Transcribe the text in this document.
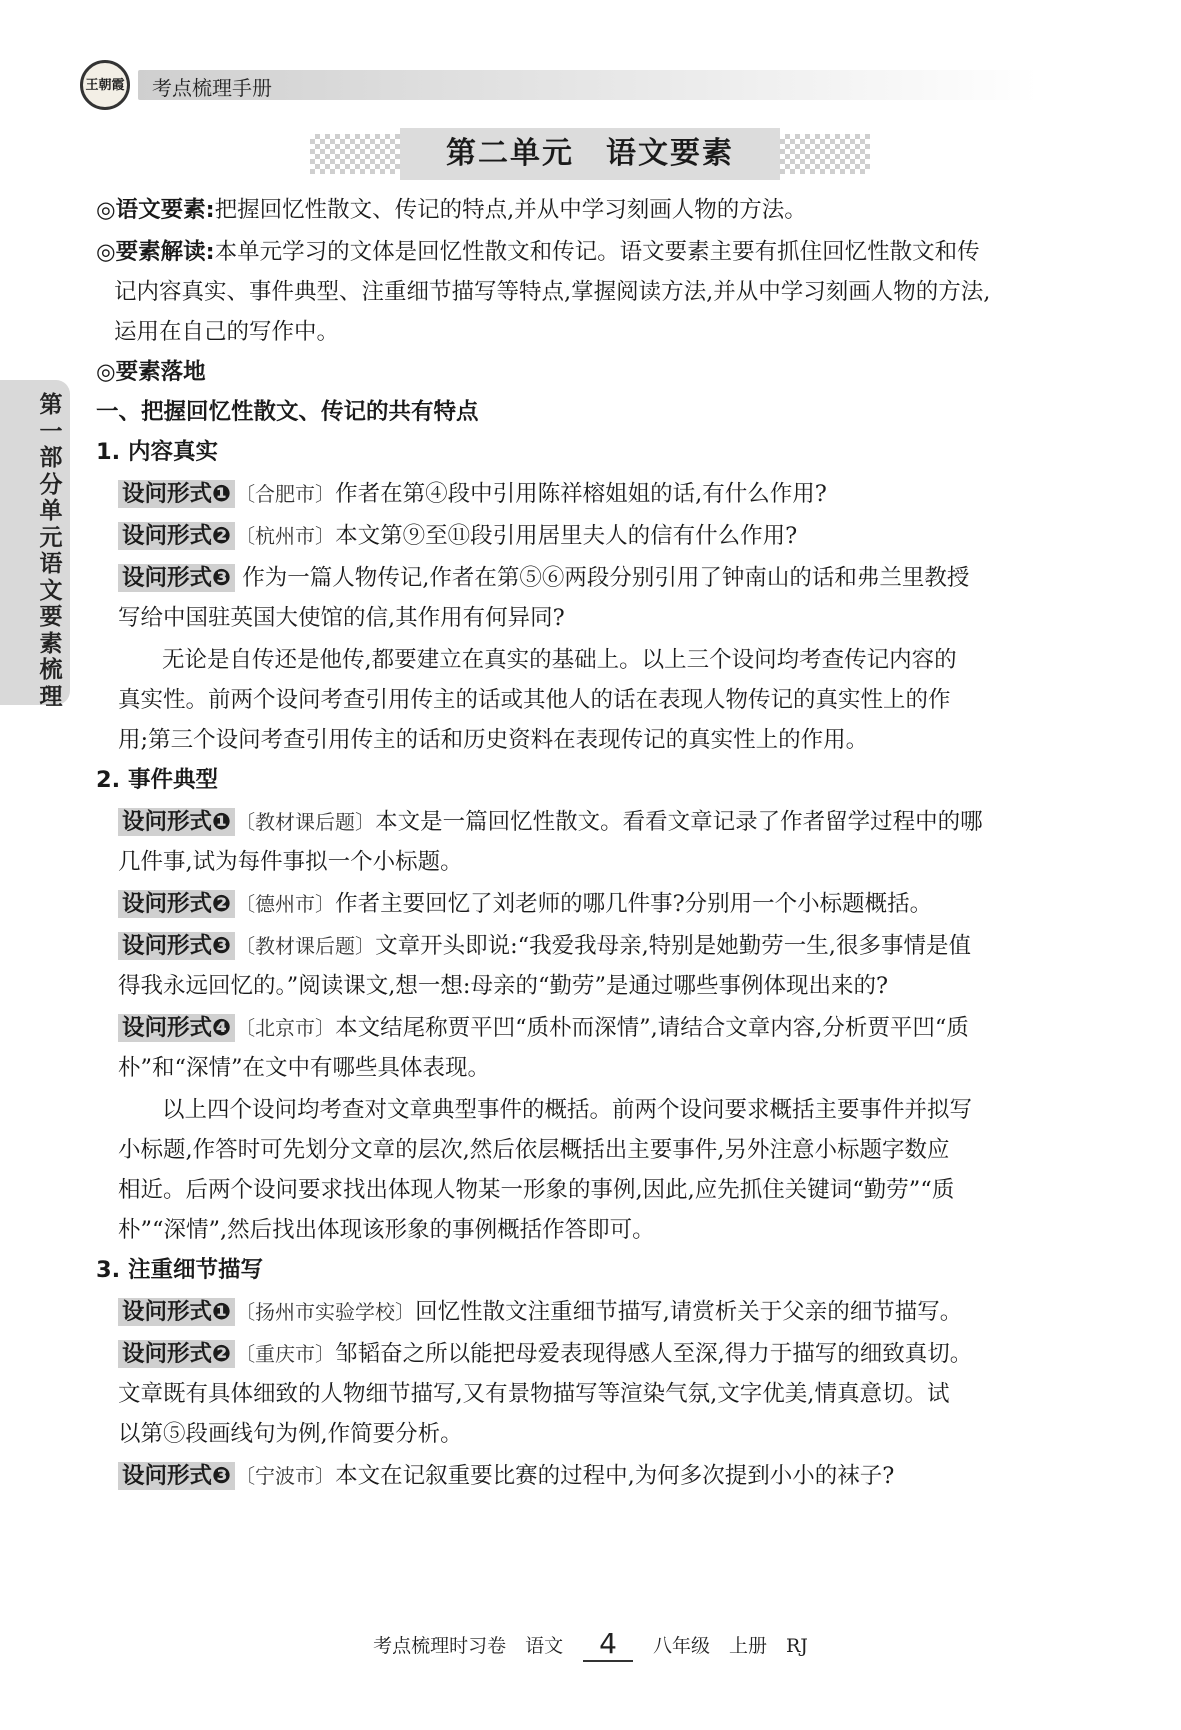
王朝霞 考点梳理手册
第二单元　语文要素
第一部分　单元语文要素梳理
◎语文要素:把握回忆性散文、传记的特点,并从中学习刻画人物的方法。
◎要素解读:本单元学习的文体是回忆性散文和传记。语文要素主要有抓住回忆性散文和传
记内容真实、事件典型、注重细节描写等特点,掌握阅读方法,并从中学习刻画人物的方法,
运用在自己的写作中。
◎要素落地
一、把握回忆性散文、传记的共有特点
1. 内容真实
设问形式❶ 〔合肥市〕作者在第④段中引用陈祥榕姐姐的话,有什么作用?
设问形式❷ 〔杭州市〕本文第⑨至⑪段引用居里夫人的信有什么作用?
设问形式❸ 作为一篇人物传记,作者在第⑤⑥两段分别引用了钟南山的话和弗兰里教授
写给中国驻英国大使馆的信,其作用有何异同?
无论是自传还是他传,都要建立在真实的基础上。以上三个设问均考查传记内容的
真实性。前两个设问考查引用传主的话或其他人的话在表现人物传记的真实性上的作
用;第三个设问考查引用传主的话和历史资料在表现传记的真实性上的作用。
2. 事件典型
设问形式❶ 〔教材课后题〕本文是一篇回忆性散文。看看文章记录了作者留学过程中的哪
几件事,试为每件事拟一个小标题。
设问形式❷ 〔德州市〕作者主要回忆了刘老师的哪几件事?分别用一个小标题概括。
设问形式❸ 〔教材课后题〕文章开头即说:“我爱我母亲,特别是她勤劳一生,很多事情是值
得我永远回忆的。”阅读课文,想一想:母亲的“勤劳”是通过哪些事例体现出来的?
设问形式❹ 〔北京市〕本文结尾称贾平凹“质朴而深情”,请结合文章内容,分析贾平凹“质
朴”和“深情”在文中有哪些具体表现。
以上四个设问均考查对文章典型事件的概括。前两个设问要求概括主要事件并拟写
小标题,作答时可先划分文章的层次,然后依层概括出主要事件,另外注意小标题字数应
相近。后两个设问要求找出体现人物某一形象的事例,因此,应先抓住关键词“勤劳”“质
朴”“深情”,然后找出体现该形象的事例概括作答即可。
3. 注重细节描写
设问形式❶ 〔扬州市实验学校〕回忆性散文注重细节描写,请赏析关于父亲的细节描写。
设问形式❷ 〔重庆市〕邹韬奋之所以能把母爱表现得感人至深,得力于描写的细致真切。
文章既有具体细致的人物细节描写,又有景物描写等渲染气氛,文字优美,情真意切。试
以第⑤段画线句为例,作简要分析。
设问形式❸ 〔宁波市〕本文在记叙重要比赛的过程中,为何多次提到小小的袜子?
考点梳理时习卷　语文 4 八年级　上册　RJ
